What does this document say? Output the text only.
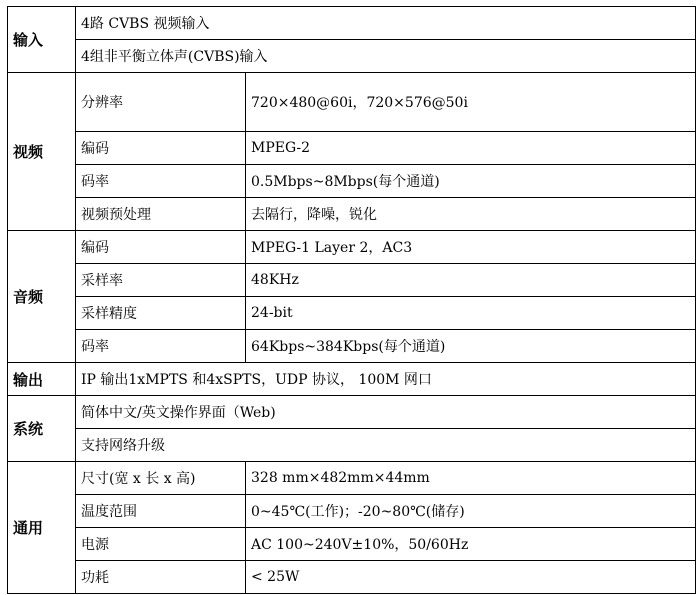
输入	4路 CVBS 视频输入	
	4组非平衡立体声(CVBS)输入	
视频	分辨率	720×480@60i，720×576@50i
	编码	MPEG-2
	码率	0.5Mbps~8Mbps(每个通道)
	视频预处理	去隔行，降噪，锐化
音频	编码	MPEG-1 Layer 2，AC3
	采样率	48KHz
	采样精度	24-bit
	码率	64Kbps~384Kbps(每个通道)
输出	IP 输出1xMPTS 和4xSPTS，UDP 协议， 100M 网口	
系统	简体中文/英文操作界面（Web)	
	支持网络升级	
通用	尺寸(宽 x 长 x 高)	328 mm×482mm×44mm
	温度范围	0~45℃(工作)；-20~80℃(储存)
	电源	AC 100~240V±10%，50/60Hz
	功耗	< 25W
